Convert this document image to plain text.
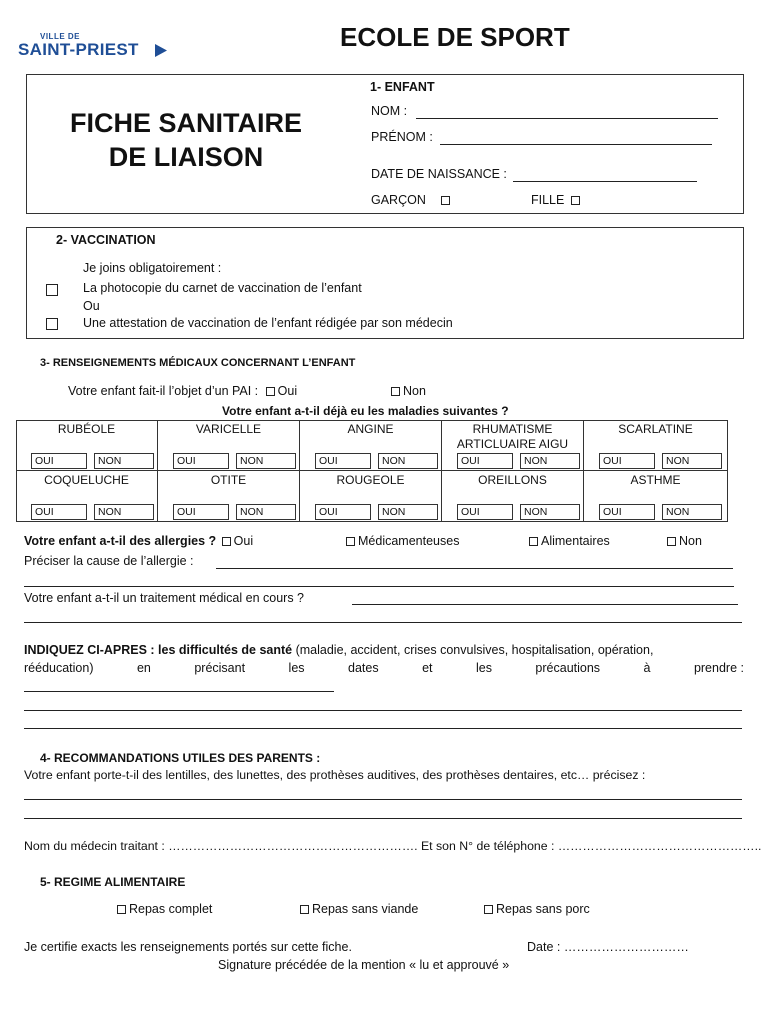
VILLE DE
SAINT-PRIEST	ECOLE DE SPORT
FICHE SANITAIRE
DE LIAISON
1- ENFANT
NOM :
PRÉNOM :
DATE DE NAISSANCE :
GARÇON	FILLE
2- VACCINATION
Je joins obligatoirement :
La photocopie du carnet de vaccination de l’enfant
Ou
Une attestation de vaccination de l’enfant rédigée par son médecin
3- RENSEIGNEMENTS MÉDICAUX CONCERNANT L’ENFANT
Votre enfant fait-il l’objet d’un PAI : Oui	Non
Votre enfant a-t-il déjà eu les maladies suivantes ?
RUBÉOLE
OUI	NON
VARICELLE
OUI	NON
ANGINE
OUI	NON
RHUMATISME
ARTICLUAIRE AIGU
OUI	NON
SCARLATINE
OUI	NON
COQUELUCHE
OUI	NON
OTITE
OUI	NON
ROUGEOLE
OUI	NON
OREILLONS
OUI	NON
ASTHME
OUI	NON
Votre enfant a-t-il des allergies ? Oui	Médicamenteuses	Alimentaires	Non
Préciser la cause de l’allergie :
Votre enfant a-t-il un traitement médical en cours ?
INDIQUEZ CI-APRES : les difficultés de santé (maladie, accident, crises convulsives, hospitalisation, opération,
rééducation)	en	précisant	les	dates	et	les	précautions	à	prendre :
4- RECOMMANDATIONS UTILES DES PARENTS :
Votre enfant porte-t-il des lentilles, des lunettes, des prothèses auditives, des prothèses dentaires, etc… précisez :
Nom du médecin traitant : ……………………………………………………. Et son N° de téléphone : …………………………………………..
5- REGIME ALIMENTAIRE
Repas complet	Repas sans viande	Repas sans porc
Je certifie exacts les renseignements portés sur cette fiche.	Date : …………………………
Signature précédée de la mention « lu et approuvé »
